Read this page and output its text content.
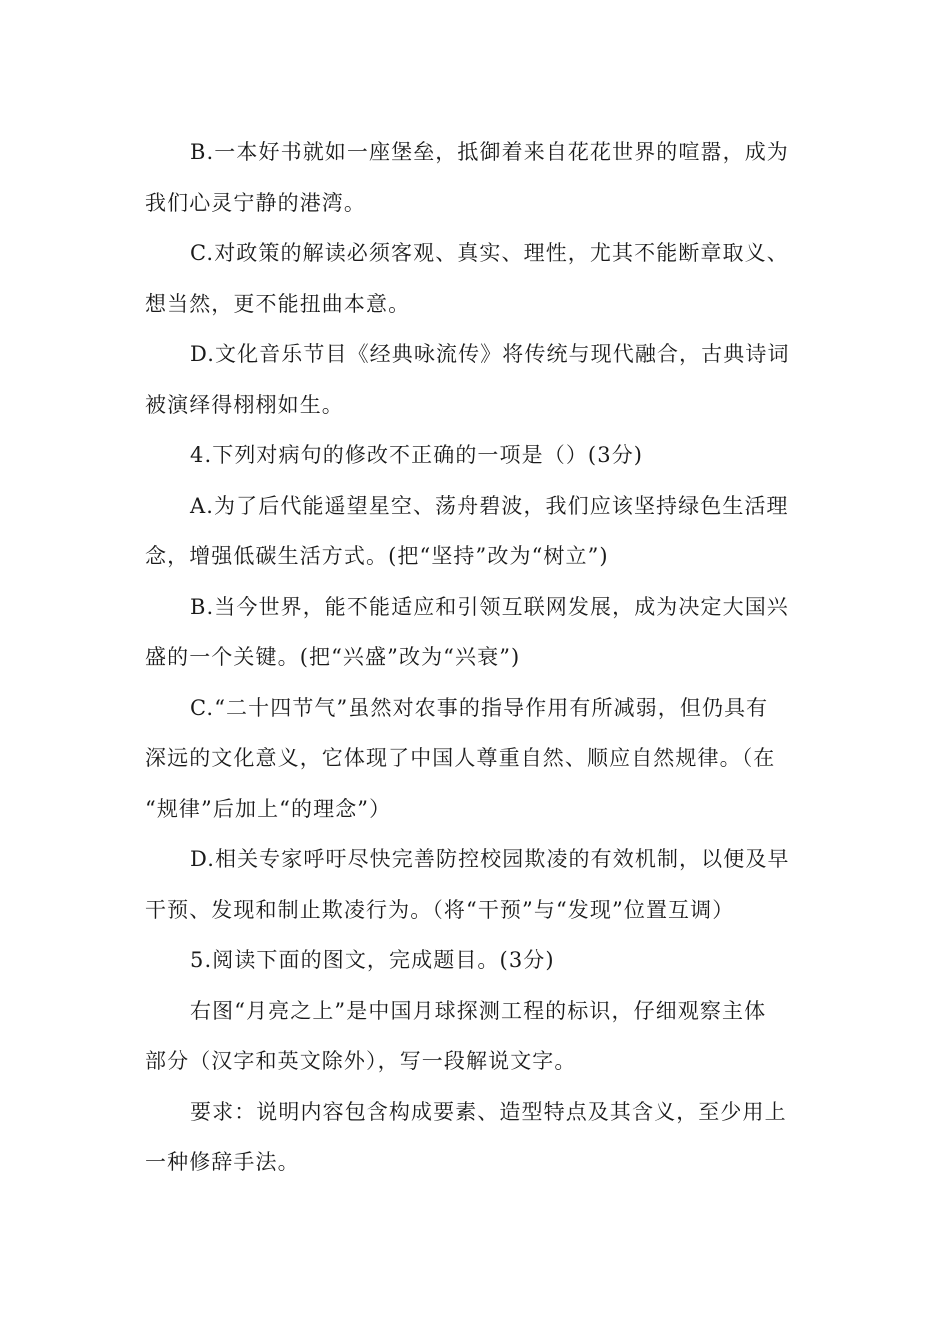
B.一本好书就如一座堡垒，抵御着来自花花世界的喧嚣，成为
我们心灵宁静的港湾。
C.对政策的解读必须客观、真实、理性，尤其不能断章取义、
想当然，更不能扭曲本意。
D.文化音乐节目《经典咏流传》将传统与现代融合，古典诗词
被演绎得栩栩如生。
4.下列对病句的修改不正确的一项是（）(3分)
A.为了后代能遥望星空、荡舟碧波，我们应该坚持绿色生活理
念，增强低碳生活方式。(把“坚持”改为“树立”)
B.当今世界，能不能适应和引领互联网发展，成为决定大国兴
盛的一个关键。(把“兴盛”改为“兴衰”)
C.“二十四节气”虽然对农事的指导作用有所减弱，但仍具有
深远的文化意义，它体现了中国人尊重自然、顺应自然规律。（在
“规律”后加上“的理念”）
D.相关专家呼吁尽快完善防控校园欺凌的有效机制，以便及早
干预、发现和制止欺凌行为。（将“干预”与“发现”位置互调）
5.阅读下面的图文，完成题目。(3分)
右图“月亮之上”是中国月球探测工程的标识，仔细观察主体
部分（汉字和英文除外），写一段解说文字。
要求：说明内容包含构成要素、造型特点及其含义，至少用上
一种修辞手法。
